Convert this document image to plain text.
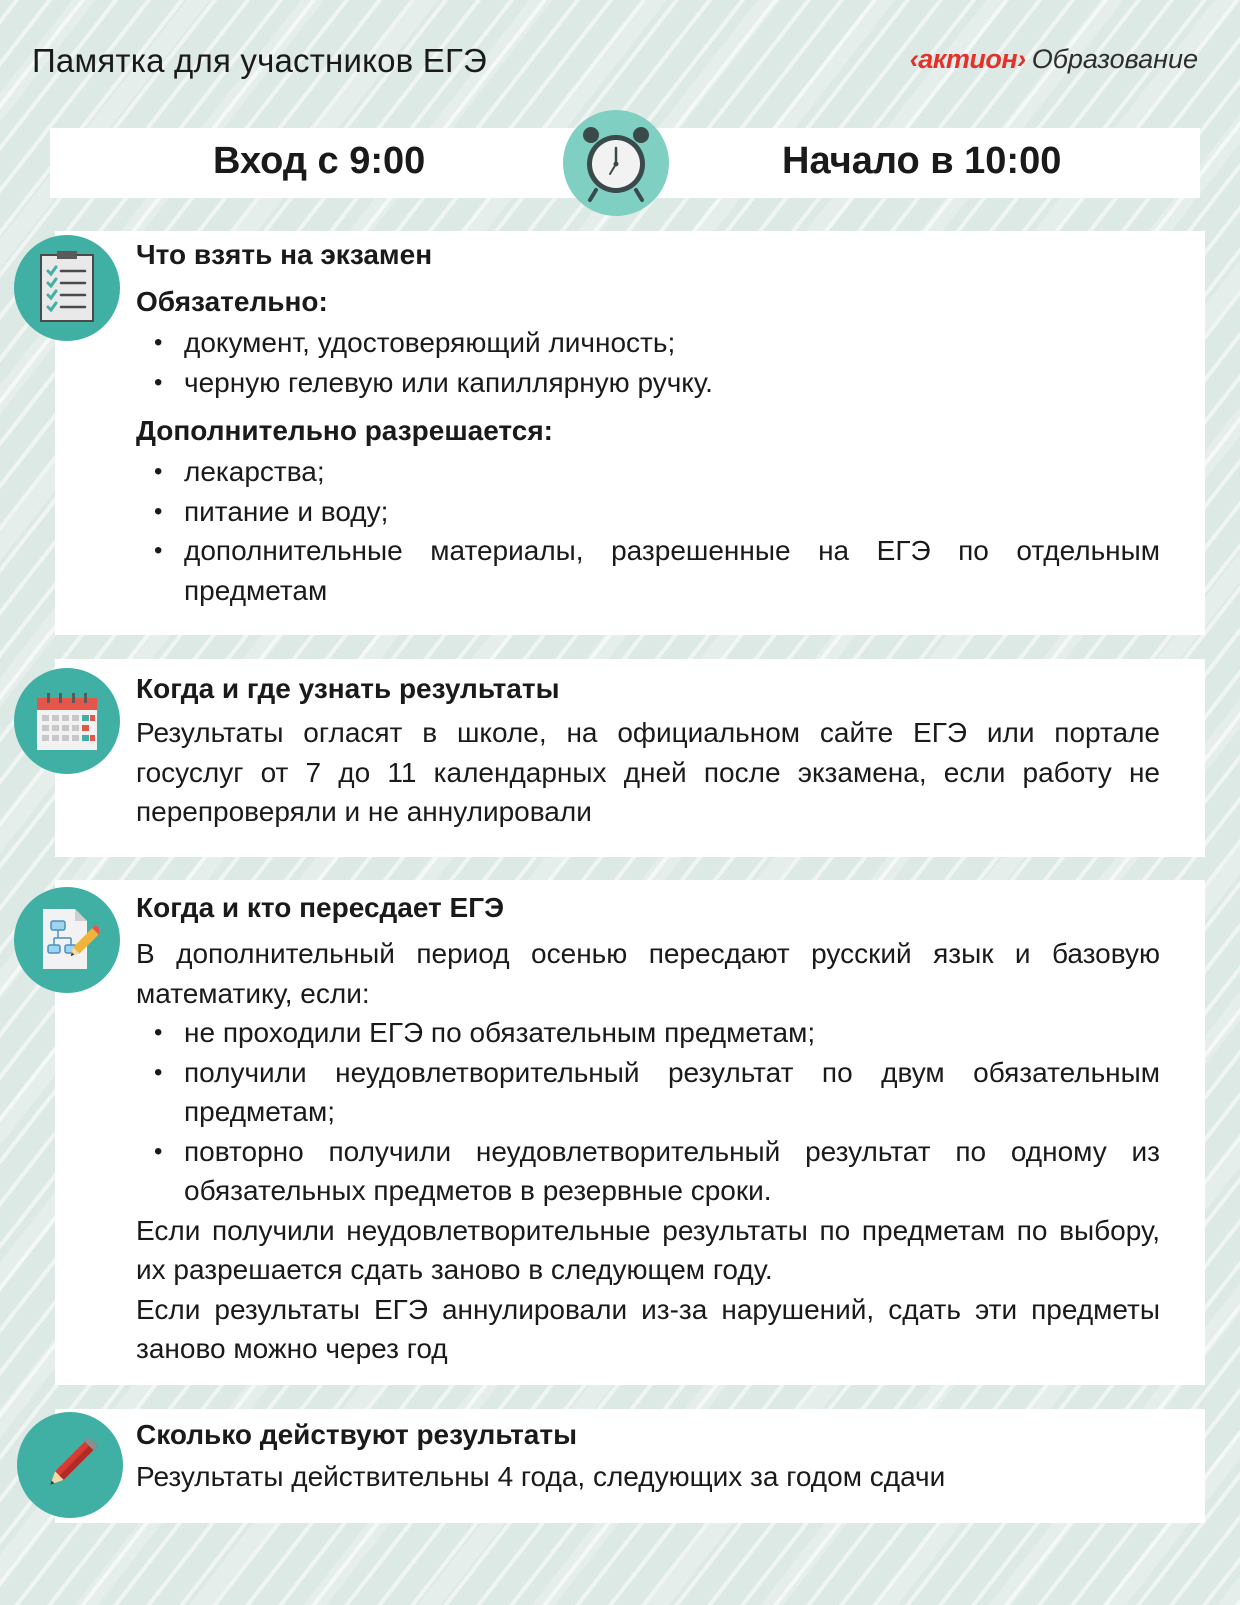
Памятка для участников ЕГЭ	‹актион› Образование
Вход с 9:00	Начало в 10:00
Что взять на экзамен
Обязательно:
• документ, удостоверяющий личность;
• черную гелевую или капиллярную ручку.
Дополнительно разрешается:
• лекарства;
• питание и воду;
• дополнительные материалы, разрешенные на ЕГЭ по отдельным предметам
Когда и где узнать результаты
Результаты огласят в школе, на официальном сайте ЕГЭ или портале госуслуг от 7 до 11 календарных дней после экзамена, если работу не перепроверяли и не аннулировали
Когда и кто пересдает ЕГЭ
В дополнительный период осенью пересдают русский язык и базовую математику, если:
• не проходили ЕГЭ по обязательным предметам;
• получили неудовлетворительный результат по двум обязательным предметам;
• повторно получили неудовлетворительный результат по одному из обязательных предметов в резервные сроки.
Если получили неудовлетворительные результаты по предметам по выбору, их разрешается сдать заново в следующем году.
Если результаты ЕГЭ аннулировали из-за нарушений, сдать эти предметы заново можно через год
Сколько действуют результаты
Результаты действительны 4 года, следующих за годом сдачи
